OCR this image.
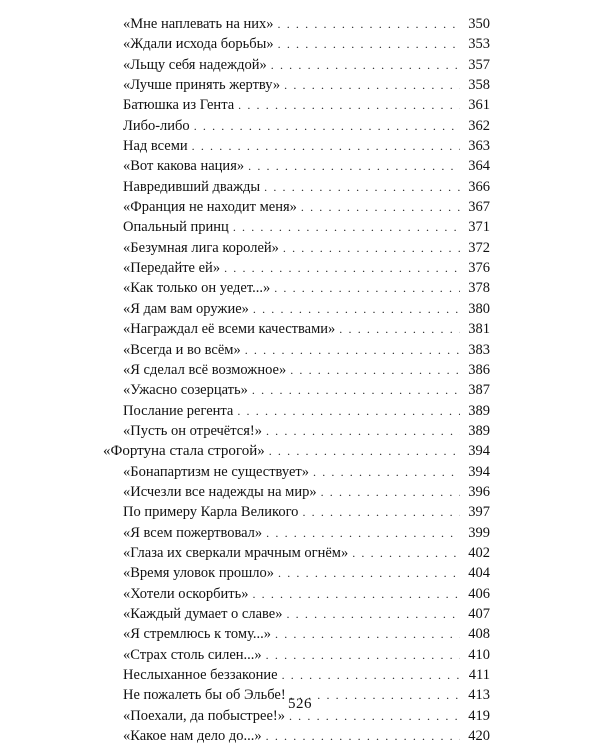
«Мне наплевать на них» . . .	350
«Ждали исхода борьбы» . . .	353
«Льщу себя надеждой» . . .	357
«Лучше принять жертву» . . .	358
Батюшка из Гента . . .	361
Либо-либо . . .	362
Над всеми . . .	363
«Вот какова нация» . . .	364
Навредивший дважды . . .	366
«Франция не находит меня» . . .	367
Опальный принц . . .	371
«Безумная лига королей» . . .	372
«Передайте ей» . . .	376
«Как только он уедет...» . . .	378
«Я дам вам оружие» . . .	380
«Награждал её всеми качествами» . . .	381
«Всегда и во всём» . . .	383
«Я сделал всё возможное» . . .	386
«Ужасно созерцать» . . .	387
Послание регента . . .	389
«Пусть он отречётся!» . . .	389
«Фортуна стала строгой» . . .	394
«Бонапартизм не существует» . . .	394
«Исчезли все надежды на мир» . . .	396
По примеру Карла Великого . . .	397
«Я всем пожертвовал» . . .	399
«Глаза их сверкали мрачным огнём» . . .	402
«Время уловок прошло» . . .	404
«Хотели оскорбить» . . .	406
«Каждый думает о славе» . . .	407
«Я стремлюсь к тому...» . . .	408
«Страх столь силен...» . . .	410
Неслыханное беззаконие . . .	411
Не пожалеть бы об Эльбе! . . .	413
«Поехали, да побыстрее!» . . .	419
«Какое нам дело до...» . . .	420
526
